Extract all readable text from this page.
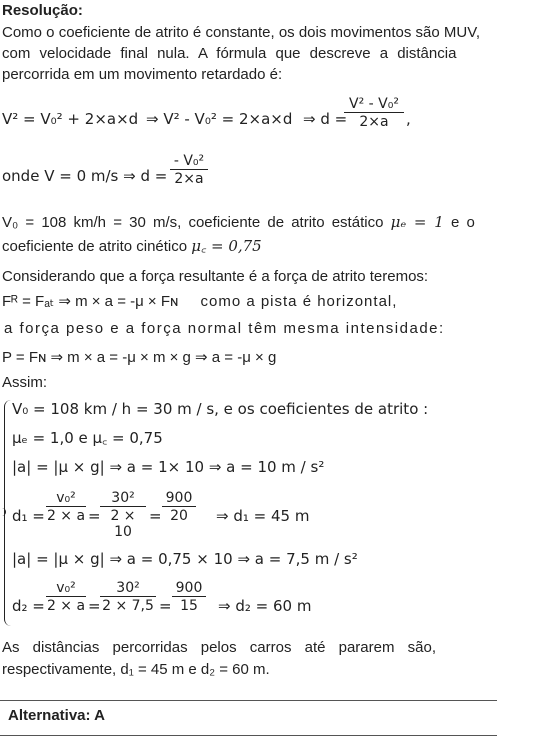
Resolução:
Como o coeficiente de atrito é constante, os dois movimentos são MUV,
com velocidade final nula. A fórmula que descreve a distância
percorrida em um movimento retardado é:
V² = V₀² + 2×a×d ⇒ V² - V₀² = 2×a×d ⇒ d =
$\frac{\text{V² - V₀²}}{2\times a}$ ,
onde V = 0 m/s ⇒ $d = \frac{\text{- V₀²}}{2\times a}$
V₀ = 108 km/h = 30 m/s, coeficiente de atrito estático μₑ = 1 e o
coeficiente de atrito cinético μ꜀ = 0,75
Considerando que a força resultante é a força de atrito teremos:
Fᴿ = Fₐₜ ⇒ m × a = -μ × Fɴ como a pista é horizontal,
a força peso e a força normal têm mesma intensidade:
P = Fɴ ⇒ m × a = -μ × m × g ⇒ a = -μ × g
Assim:
V₀ = 108 km / h = 30 m / s, e os coeficientes de atrito :
μₑ = 1,0 e μ꜀ = 0,75
|a| = |μ × g| ⇒ a = 1× 10 ⇒ a = 10 m / s²
$d_1 = \frac{\text{v₀²}}{2 \times a} = \frac{\text{30²}}{2 \times 10} = \frac{900}{20}$ ⇒ d₁ = 45 m
|a| = |μ × g| ⇒ a = 0,75 × 10 ⇒ a = 7,5 m / s²
$d_2 = \frac{\text{v₀²}}{2 \times a} = \frac{\text{30²}}{2 \times 7,5} = \frac{900}{15}$ ⇒ d₂ = 60 m
As distâncias percorridas pelos carros até pararem são,
respectivamente, d₁ = 45 m e d₂ = 60 m.
Alternativa: A
